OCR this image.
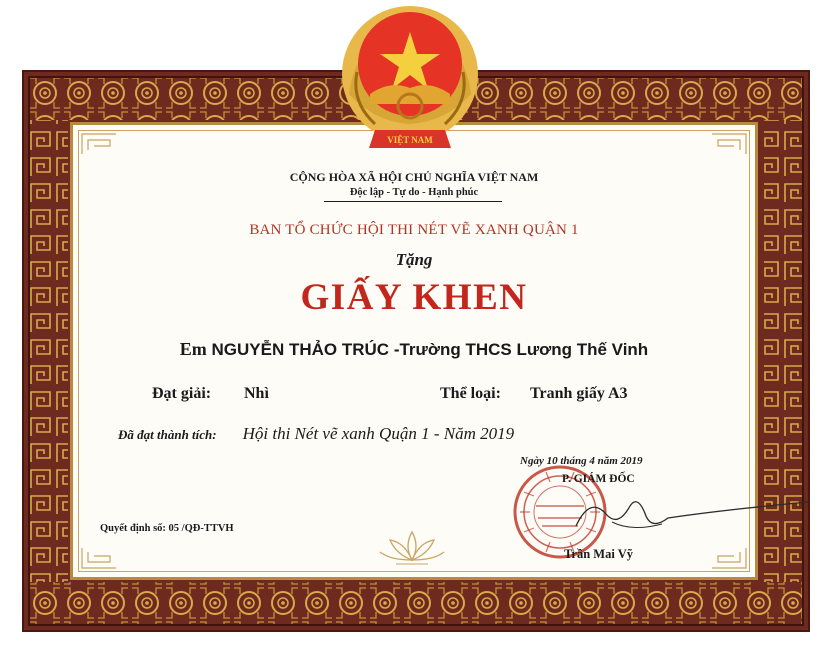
VIỆT NAM
CỘNG HÒA XÃ HỘI CHỦ NGHĨA VIỆT NAM
Độc lập - Tự do - Hạnh phúc
BAN TỔ CHỨC HỘI THI NÉT VẼ XANH QUẬN 1
Tặng
GIẤY KHEN
Em NGUYỄN THẢO TRÚC -Trường THCS Lương Thế Vinh
Đạt giải: Nhì	Thể loại: Tranh giấy A3
Đã đạt thành tích: Hội thi Nét vẽ xanh Quận 1 - Năm 2019
Ngày 10 tháng 4 năm 2019
P. GIÁM ĐỐC
Trần Mai Vỹ
Quyết định số: 05 /QĐ-TTVH
